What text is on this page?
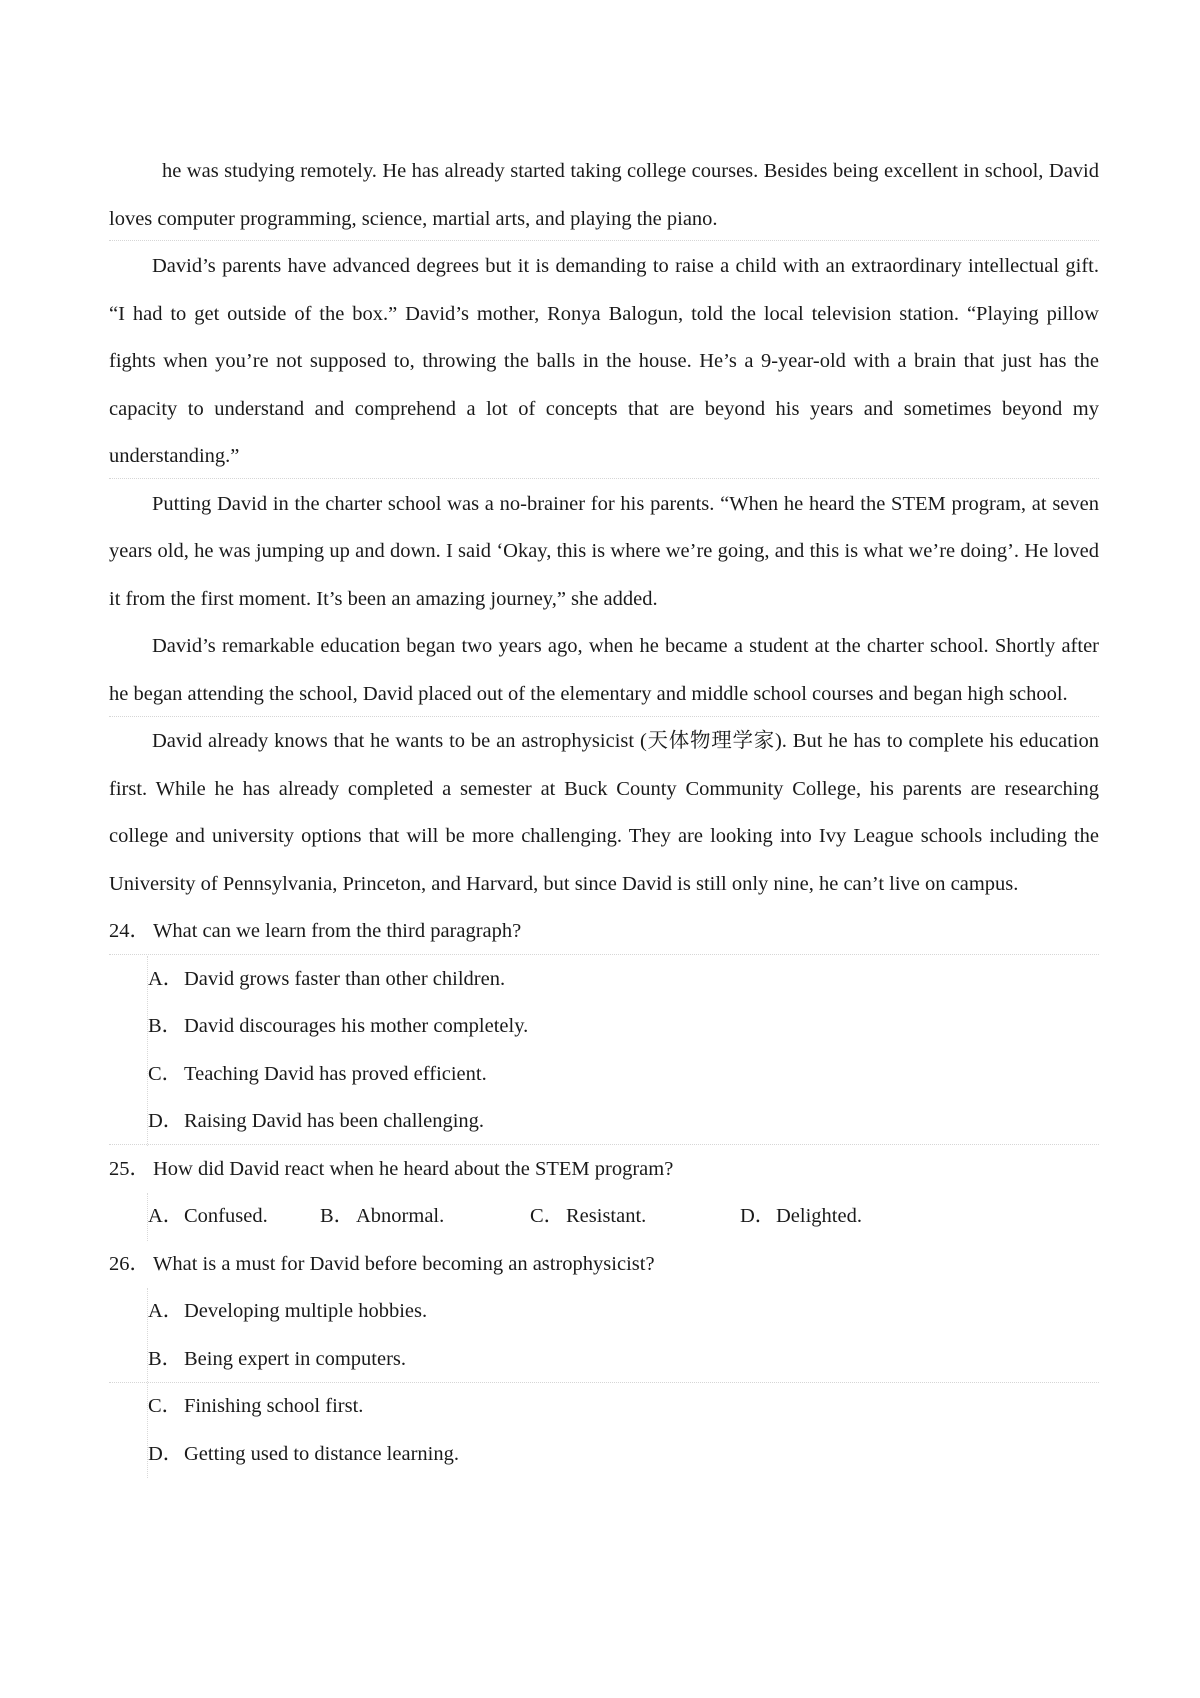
he was studying remotely. He has already started taking college courses. Besides being excellent in school, David loves computer programming, science, martial arts, and playing the piano.

David’s parents have advanced degrees but it is demanding to raise a child with an extraordinary intellectual gift. “I had to get outside of the box.” David’s mother, Ronya Balogun, told the local television station. “Playing pillow fights when you’re not supposed to, throwing the balls in the house. He’s a 9-year-old with a brain that just has the capacity to understand and comprehend a lot of concepts that are beyond his years and sometimes beyond my understanding.”

Putting David in the charter school was a no-brainer for his parents. “When he heard the STEM program, at seven years old, he was jumping up and down. I said ‘Okay, this is where we’re going, and this is what we’re doing’. He loved it from the first moment. It’s been an amazing journey,” she added.

David’s remarkable education began two years ago, when he became a student at the charter school. Shortly after he began attending the school, David placed out of the elementary and middle school courses and began high school.

David already knows that he wants to be an astrophysicist (天体物理学家). But he has to complete his education first. While he has already completed a semester at Buck County Community College, his parents are researching college and university options that will be more challenging. They are looking into Ivy League schools including the University of Pennsylvania, Princeton, and Harvard, but since David is still only nine, he can’t live on campus.

24． What can we learn from the third paragraph?

A．David grows faster than other children.

B．David discourages his mother completely.

C．Teaching David has proved efficient.

D．Raising David has been challenging.

25． How did David react when he heard about the STEM program?

A．Confused.	B．Abnormal.	C．Resistant.	D．Delighted.

26． What is a must for David before becoming an astrophysicist?

A．Developing multiple hobbies.

B．Being expert in computers.

C．Finishing school first.

D．Getting used to distance learning.
